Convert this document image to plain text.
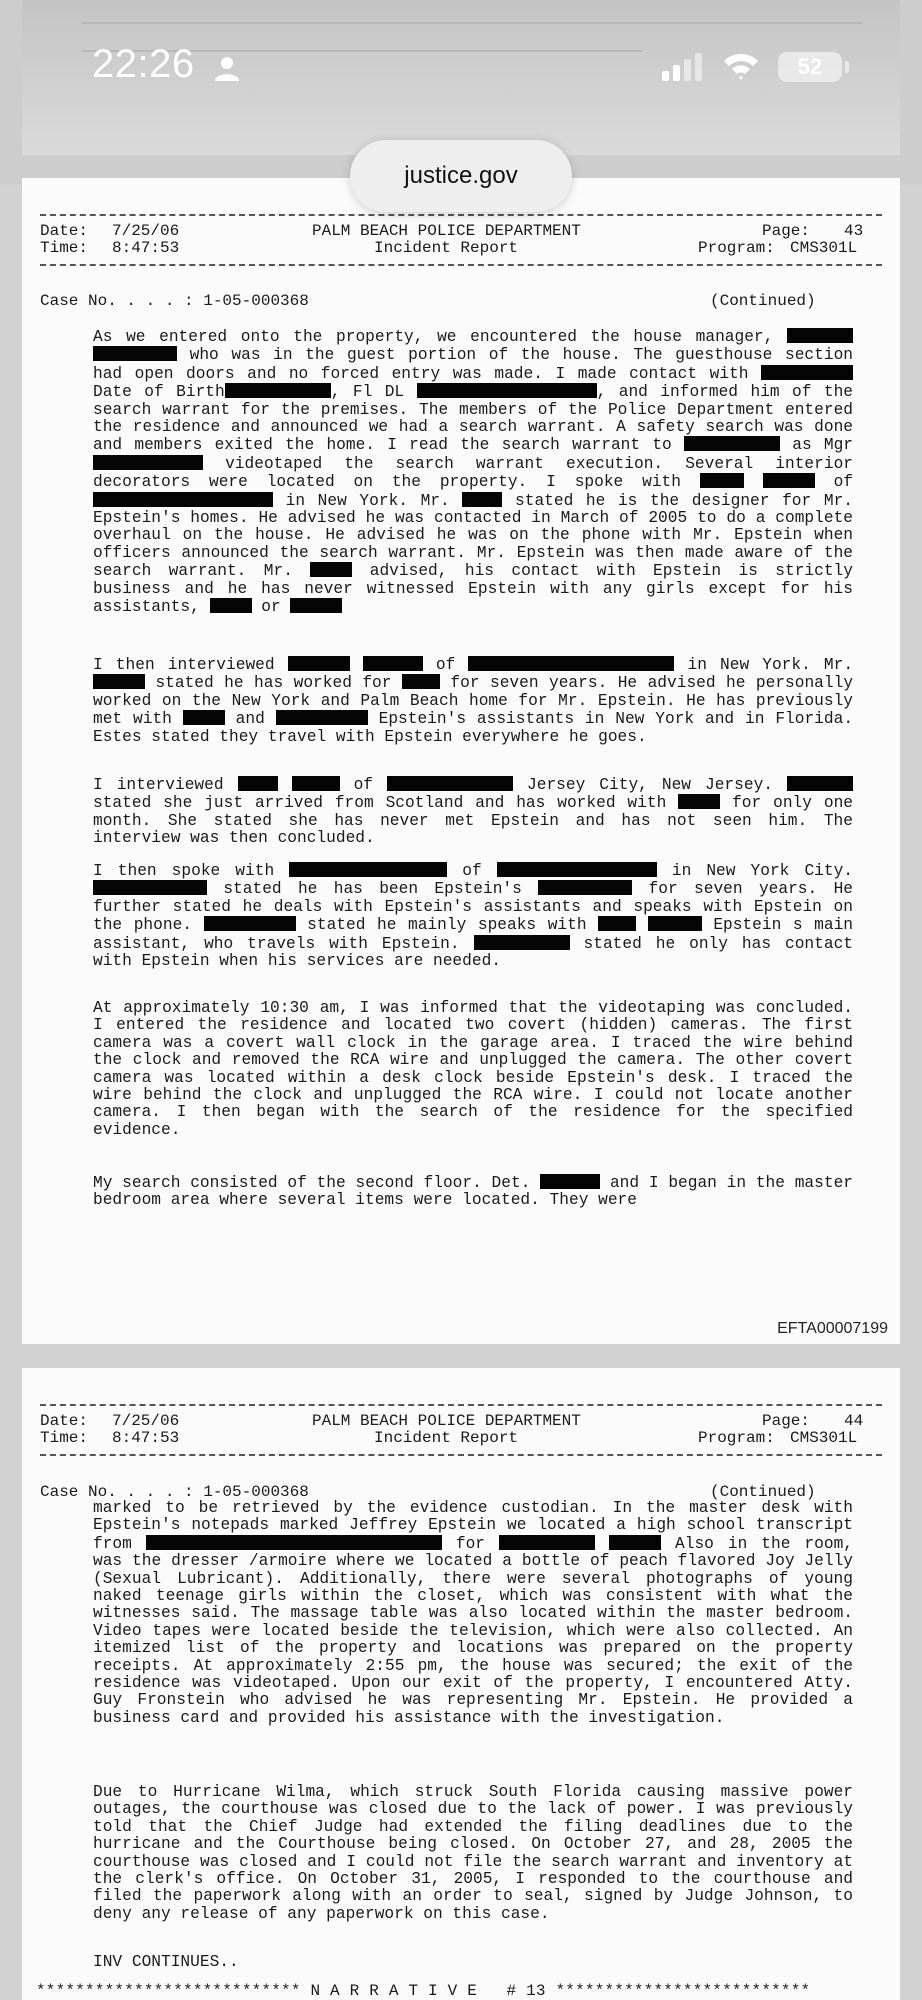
22:26	52
Date: 7/25/06
Time: 8:47:53
PALM BEACH POLICE DEPARTMENT
Incident Report
Page: 43
Program: CMS301L
Case No. . . . : 1-05-000368	(Continued)

As we entered onto the property, we encountered the house manager,   who was in the guest portion of the house. The guesthouse section had open doors and no forced entry was made. I made contact with  Date of Birth	, Fl DL	, and informed him of the search warrant for the premises. The members of the Police Department entered the residence and announced we had a search warrant. A safety search was done and members exited the home. I read the search warrant to	as Mgr  videotaped the search warrant execution. Several interior decorators were located on the property. I spoke with	of  in New York. Mr.	stated he is the designer for Mr. Epstein's homes. He advised he was contacted in March of 2005 to do a complete overhaul on the house. He advised he was on the phone with Mr. Epstein when officers announced the search warrant. Mr. Epstein was then made aware of the search warrant. Mr.	advised, his contact with Epstein is strictly business and he has never witnessed Epstein with any girls except for his assistants,	or

I then interviewed	of	in New York. Mr.  stated he has worked for	for seven years. He advised he personally worked on the New York and Palm Beach home for Mr. Epstein. He has previously met with	and	Epstein's assistants in New York and in Florida. Estes stated they travel with Epstein everywhere he goes.

I interviewed	of	Jersey City, New Jersey.  stated she just arrived from Scotland and has worked with	for only one month. She stated she has never met Epstein and has not seen him. The interview was then concluded.

I then spoke with	of	in New York City.  stated he has been Epstein's	for seven years. He further stated he deals with Epstein's assistants and speaks with Epstein on the phone.	stated he mainly speaks with	Epstein s main assistant, who travels with Epstein.	stated he only has contact with Epstein when his services are needed.

At approximately 10:30 am, I was informed that the videotaping was concluded. I entered the residence and located two covert (hidden) cameras. The first camera was a covert wall clock in the garage area. I traced the wire behind the clock and removed the RCA wire and unplugged the camera. The other covert camera was located within a desk clock beside Epstein's desk. I traced the wire behind the clock and unplugged the RCA wire. I could not locate another camera. I then began with the search of the residence for the specified evidence.

My search consisted of the second floor. Det.	and I began in the master bedroom area where several items were located. They were

EFTA00007199
Date: 7/25/06
Time: 8:47:53
PALM BEACH POLICE DEPARTMENT
Incident Report
Page: 44
Program: CMS301L
Case No. . . . : 1-05-000368	(Continued)

marked to be retrieved by the evidence custodian. In the master desk with Epstein's notepads marked Jeffrey Epstein we located a high school transcript from	for	Also in the room, was the dresser /armoire where we located a bottle of peach flavored Joy Jelly (Sexual Lubricant). Additionally, there were several photographs of young naked teenage girls within the closet, which was consistent with what the witnesses said. The massage table was also located within the master bedroom. Video tapes were located beside the television, which were also collected. An itemized list of the property and locations was prepared on the property receipts. At approximately 2:55 pm, the house was secured; the exit of the residence was videotaped. Upon our exit of the property, I encountered Atty. Guy Fronstein who advised he was representing Mr. Epstein. He provided a business card and provided his assistance with the investigation.

Due to Hurricane Wilma, which struck South Florida causing massive power outages, the courthouse was closed due to the lack of power. I was previously told that the Chief Judge had extended the filing deadlines due to the hurricane and the Courthouse being closed. On October 27, and 28, 2005 the courthouse was closed and I could not file the search warrant and inventory at the clerk's office. On October 31, 2005, I responded to the courthouse and filed the paperwork along with an order to seal, signed by Judge Johnson, to deny any release of any paperwork on this case.

INV CONTINUES..

*************************** N A R R A T I V E   # 13 **************************
justice.gov
